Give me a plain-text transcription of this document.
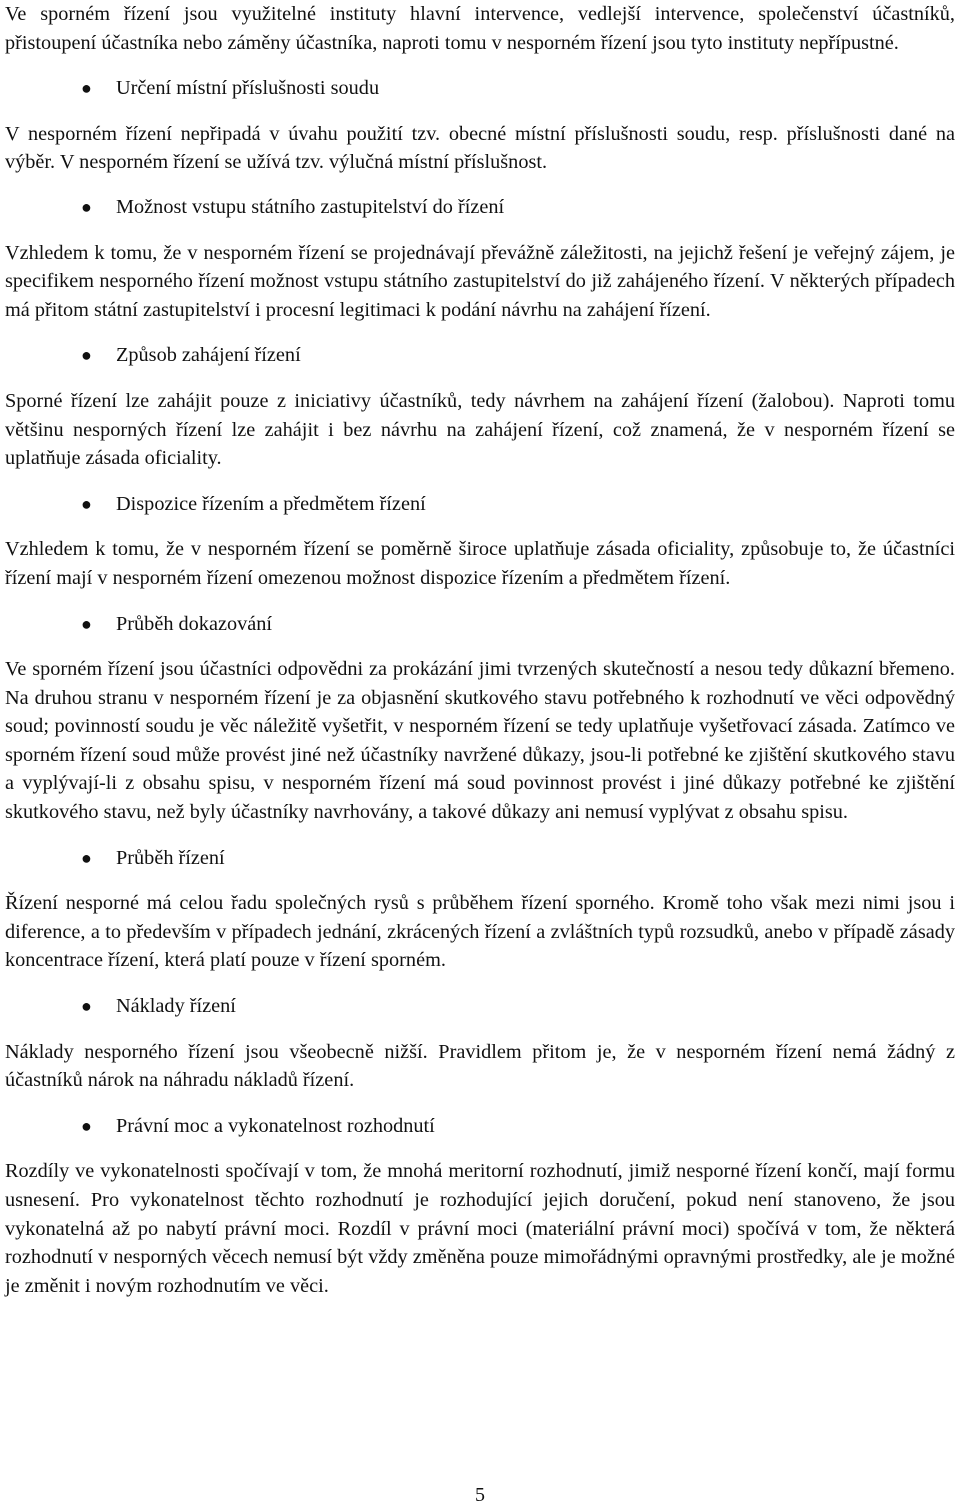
Ve sporném řízení jsou využitelné instituty hlavní intervence, vedlejší intervence, společenství účastníků, přistoupení účastníka nebo záměny účastníka, naproti tomu v nesporném řízení jsou tyto instituty nepřípustné.

● Určení místní příslušnosti soudu

V nesporném řízení nepřipadá v úvahu použití tzv. obecné místní příslušnosti soudu, resp. příslušnosti dané na výběr. V nesporném řízení se užívá tzv. výlučná místní příslušnost.

● Možnost vstupu státního zastupitelství do řízení

Vzhledem k tomu, že v nesporném řízení se projednávají převážně záležitosti, na jejichž řešení je veřejný zájem, je specifikem nesporného řízení možnost vstupu státního zastupitelství do již zahájeného řízení. V některých případech má přitom státní zastupitelství i procesní legitimaci k podání návrhu na zahájení řízení.

● Způsob zahájení řízení

Sporné řízení lze zahájit pouze z iniciativy účastníků, tedy návrhem na zahájení řízení (žalobou). Naproti tomu většinu nesporných řízení lze zahájit i bez návrhu na zahájení řízení, což znamená, že v nesporném řízení se uplatňuje zásada oficiality.

● Dispozice řízením a předmětem řízení

Vzhledem k tomu, že v nesporném řízení se poměrně široce uplatňuje zásada oficiality, způsobuje to, že účastníci řízení mají v nesporném řízení omezenou možnost dispozice řízením a předmětem řízení.

● Průběh dokazování

Ve sporném řízení jsou účastníci odpovědni za prokázání jimi tvrzených skutečností a nesou tedy důkazní břemeno. Na druhou stranu v nesporném řízení je za objasnění skutkového stavu potřebného k rozhodnutí ve věci odpovědný soud; povinností soudu je věc náležitě vyšetřit, v nesporném řízení se tedy uplatňuje vyšetřovací zásada. Zatímco ve sporném řízení soud může provést jiné než účastníky navržené důkazy, jsou-li potřebné ke zjištění skutkového stavu a vyplývají-li z obsahu spisu, v nesporném řízení má soud povinnost provést i jiné důkazy potřebné ke zjištění skutkového stavu, než byly účastníky navrhovány, a takové důkazy ani nemusí vyplývat z obsahu spisu.

● Průběh řízení

Řízení nesporné má celou řadu společných rysů s průběhem řízení sporného. Kromě toho však mezi nimi jsou i diference, a to především v případech jednání, zkrácených řízení a zvláštních typů rozsudků, anebo v případě zásady koncentrace řízení, která platí pouze v řízení sporném.

● Náklady řízení

Náklady nesporného řízení jsou všeobecně nižší. Pravidlem přitom je, že v nesporném řízení nemá žádný z účastníků nárok na náhradu nákladů řízení.

● Právní moc a vykonatelnost rozhodnutí

Rozdíly ve vykonatelnosti spočívají v tom, že mnohá meritorní rozhodnutí, jimiž nesporné řízení končí, mají formu usnesení. Pro vykonatelnost těchto rozhodnutí je rozhodující jejich doručení, pokud není stanoveno, že jsou vykonatelná až po nabytí právní moci. Rozdíl v právní moci (materiální právní moci) spočívá v tom, že některá rozhodnutí v nesporných věcech nemusí být vždy změněna pouze mimořádnými opravnými prostředky, ale je možné je změnit i novým rozhodnutím ve věci.

5
